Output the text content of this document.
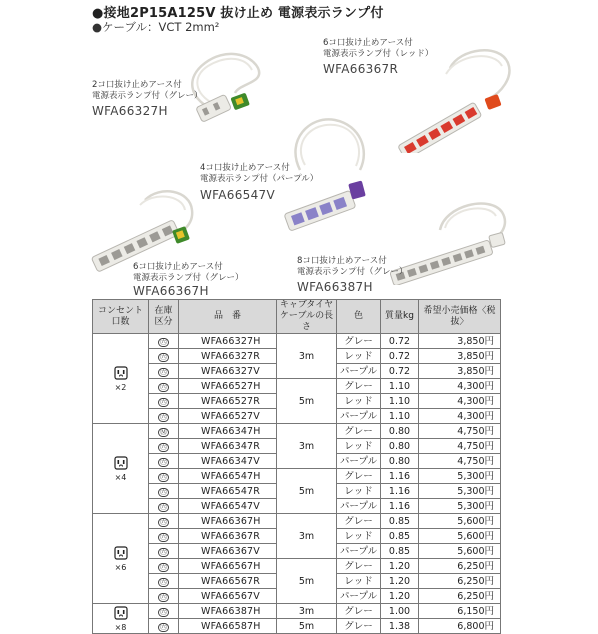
●接地2P15A125V 抜け止め 電源表示ランプ付
●ケーブル：VCT 2mm²
2コ口抜け止めアース付
電源表示ランプ付（グレー）
WFA66327H
6コ口抜け止めアース付
電源表示ランプ付（レッド）
WFA66367R
4コ口抜け止めアース付
電源表示ランプ付（パープル）
WFA66547V
6コ口抜け止めアース付
電源表示ランプ付（グレー）
WFA66367H
8コ口抜け止めアース付
電源表示ランプ付（グレー）
WFA66387H
コンセント口数	在庫区分	品　番	キャブタイヤケーブルの長さ	色	質量kg	希望小売価格〈税抜〉

×2	㊅	WFA66327H	3m	グレー	0.72	3,850円
	㊅	WFA66327R		レッド	0.72	3,850円
	㊅	WFA66327V		パープル	0.72	3,850円
	㊅	WFA66527H	5m	グレー	1.10	4,300円
	㊅	WFA66527R		レッド	1.10	4,300円
	㊅	WFA66527V		パープル	1.10	4,300円

×4	Ⓜ	WFA66347H	3m	グレー	0.80	4,750円
	㊅	WFA66347R		レッド	0.80	4,750円
	㊅	WFA66347V		パープル	0.80	4,750円
	㊅	WFA66547H	5m	グレー	1.16	5,300円
	㊅	WFA66547R		レッド	1.16	5,300円
	㊅	WFA66547V		パープル	1.16	5,300円

×6	㊅	WFA66367H	3m	グレー	0.85	5,600円
	㊅	WFA66367R		レッド	0.85	5,600円
	㊅	WFA66367V		パープル	0.85	5,600円
	㊅	WFA66567H	5m	グレー	1.20	6,250円
	㊅	WFA66567R		レッド	1.20	6,250円
	㊅	WFA66567V		パープル	1.20	6,250円

×8	㊅	WFA66387H	3m	グレー	1.00	6,150円
	㊅	WFA66587H	5m	グレー	1.38	6,800円
